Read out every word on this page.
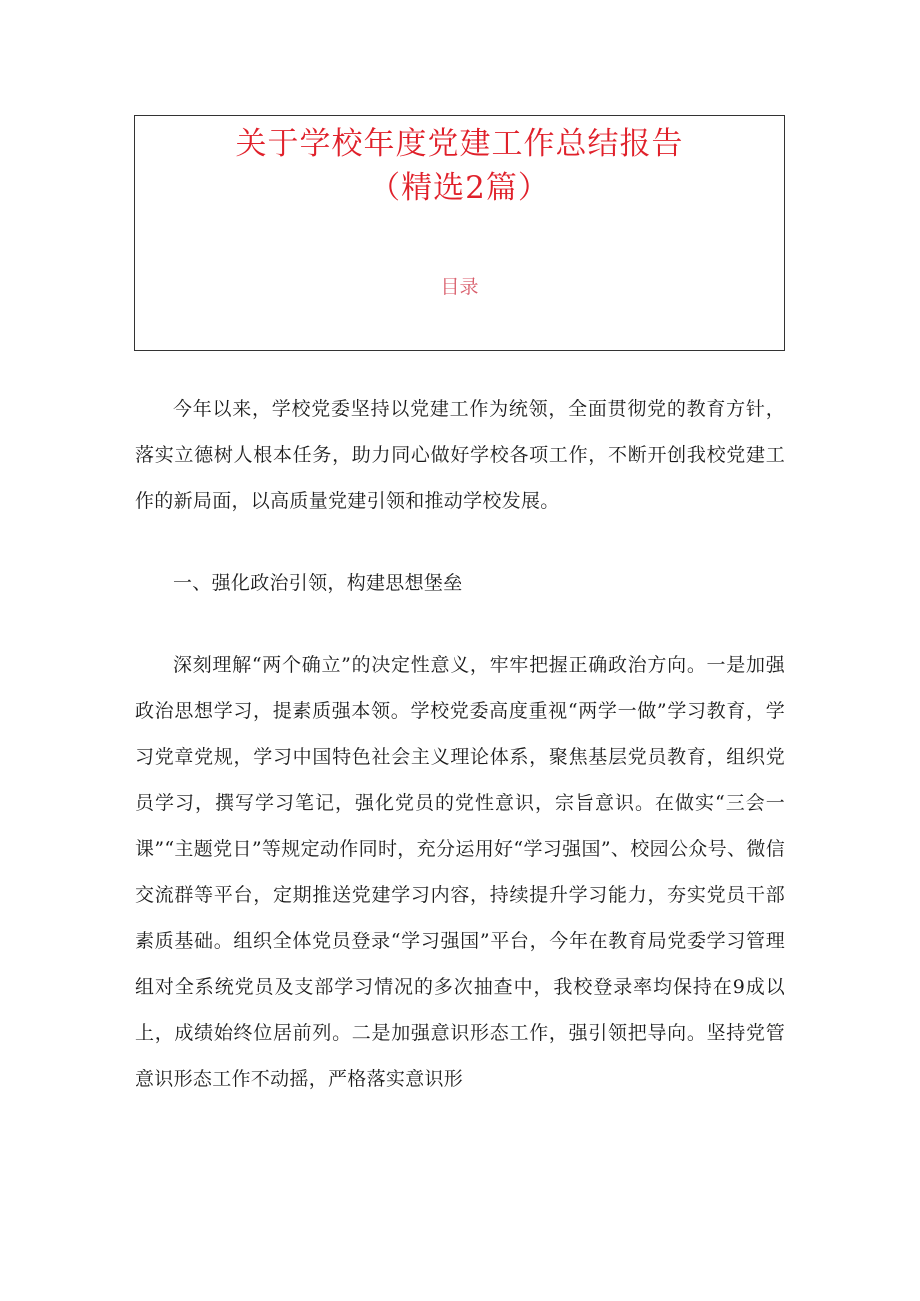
关于学校年度党建工作总结报告
（精选2篇）
目录

今年以来，学校党委坚持以党建工作为统领，全面贯彻党的教育方针，落实立德树人根本任务，助力同心做好学校各项工作，不断开创我校党建工作的新局面，以高质量党建引领和推动学校发展。

一、强化政治引领，构建思想堡垒

深刻理解“两个确立”的决定性意义，牢牢把握正确政治方向。一是加强政治思想学习，提素质强本领。学校党委高度重视“两学一做”学习教育，学习党章党规，学习中国特色社会主义理论体系，聚焦基层党员教育，组织党员学习，撰写学习笔记，强化党员的党性意识，宗旨意识。在做实“三会一课”“主题党日”等规定动作同时，充分运用好“学习强国”、校园公众号、微信交流群等平台，定期推送党建学习内容，持续提升学习能力，夯实党员干部素质基础。组织全体党员登录“学习强国”平台，今年在教育局党委学习管理组对全系统党员及支部学习情况的多次抽查中，我校登录率均保持在9成以上，成绩始终位居前列。二是加强意识形态工作，强引领把导向。坚持党管意识形态工作不动摇，严格落实意识形
